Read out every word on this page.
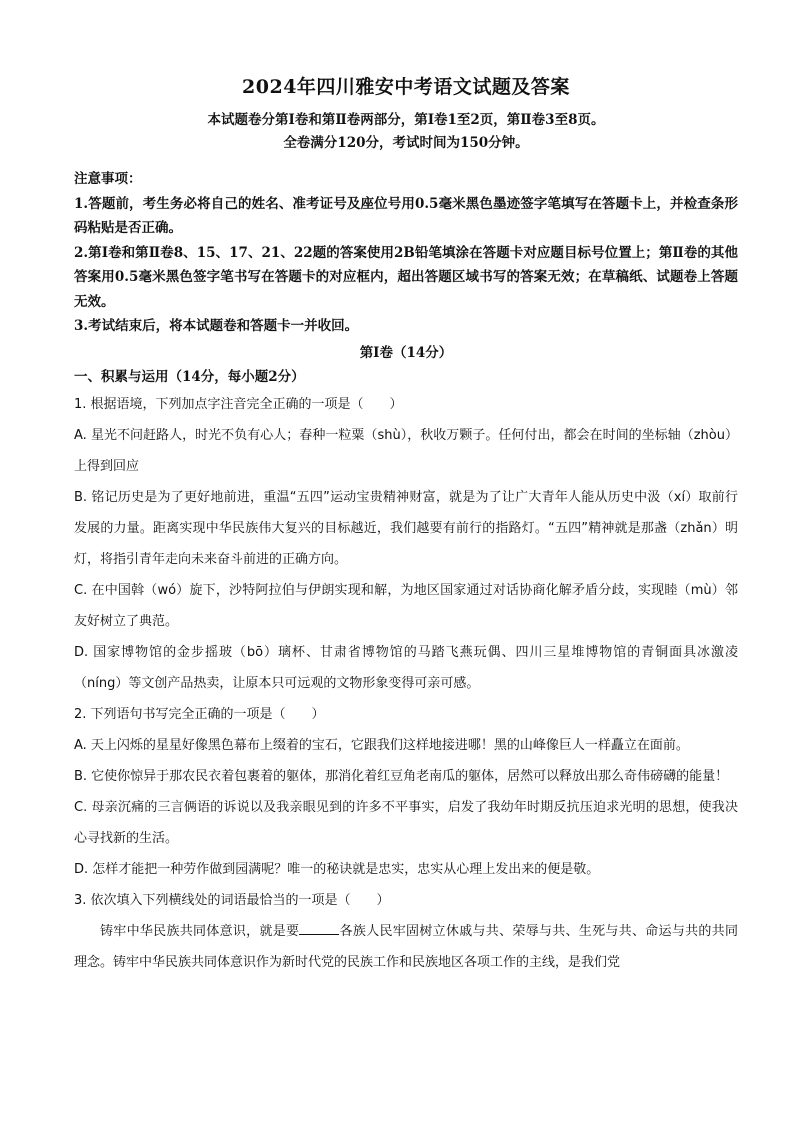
2024年四川雅安中考语文试题及答案

本试题卷分第Ⅰ卷和第Ⅱ卷两部分，第Ⅰ卷1至2页，第Ⅱ卷3至8页。

全卷满分120分，考试时间为150分钟。

注意事项：

1.答题前，考生务必将自己的姓名、准考证号及座位号用0.5毫米黑色墨迹签字笔填写在答题卡上，并检查条形码粘贴是否正确。

2.第Ⅰ卷和第Ⅱ卷8、15、17、21、22题的答案使用2B铅笔填涂在答题卡对应题目标号位置上；第Ⅱ卷的其他答案用0.5毫米黑色签字笔书写在答题卡的对应框内，超出答题区域书写的答案无效；在草稿纸、试题卷上答题无效。

3.考试结束后，将本试题卷和答题卡一并收回。

第Ⅰ卷（14分）

一、积累与运用（14分，每小题2分）

1. 根据语境，下列加点字注音完全正确的一项是（　　）

A. 星光不问赶路人，时光不负有心人；春种一粒粟（shù），秋收万颗子。任何付出，都会在时间的坐标轴（zhòu）上得到回应

B. 铭记历史是为了更好地前进，重温“五四”运动宝贵精神财富，就是为了让广大青年人能从历史中汲（xí）取前行发展的力量。距离实现中华民族伟大复兴的目标越近，我们越要有前行的指路灯。“五四”精神就是那盏（zhǎn）明灯，将指引青年走向未来奋斗前进的正确方向。

C. 在中国斡（wó）旋下，沙特阿拉伯与伊朗实现和解，为地区国家通过对话协商化解矛盾分歧，实现睦（mù）邻友好树立了典范。

D. 国家博物馆的金步摇玻（bō）璃杯、甘肃省博物馆的马踏飞燕玩偶、四川三星堆博物馆的青铜面具冰激凌（níng）等文创产品热卖，让原本只可远观的文物形象变得可亲可感。

2. 下列语句书写完全正确的一项是（　　）

A. 天上闪烁的星星好像黑色幕布上缀着的宝石，它跟我们这样地接进哪！黑的山峰像巨人一样矗立在面前。

B. 它使你惊异于那农民衣着包裹着的躯体，那消化着红豆角老南瓜的躯体，居然可以释放出那么奇伟磅礴的能量！

C. 母亲沉痛的三言俩语的诉说以及我亲眼见到的许多不平事实，启发了我幼年时期反抗压迫求光明的思想，使我决心寻找新的生活。

D. 怎样才能把一种劳作做到园满呢？唯一的秘诀就是忠实，忠实从心理上发出来的便是敬。

3. 依次填入下列横线处的词语最恰当的一项是（　　）

铸牢中华民族共同体意识，就是要	各族人民牢固树立休戚与共、荣辱与共、生死与共、命运与共的共同理念。铸牢中华民族共同体意识作为新时代党的民族工作和民族地区各项工作的主线，是我们党
